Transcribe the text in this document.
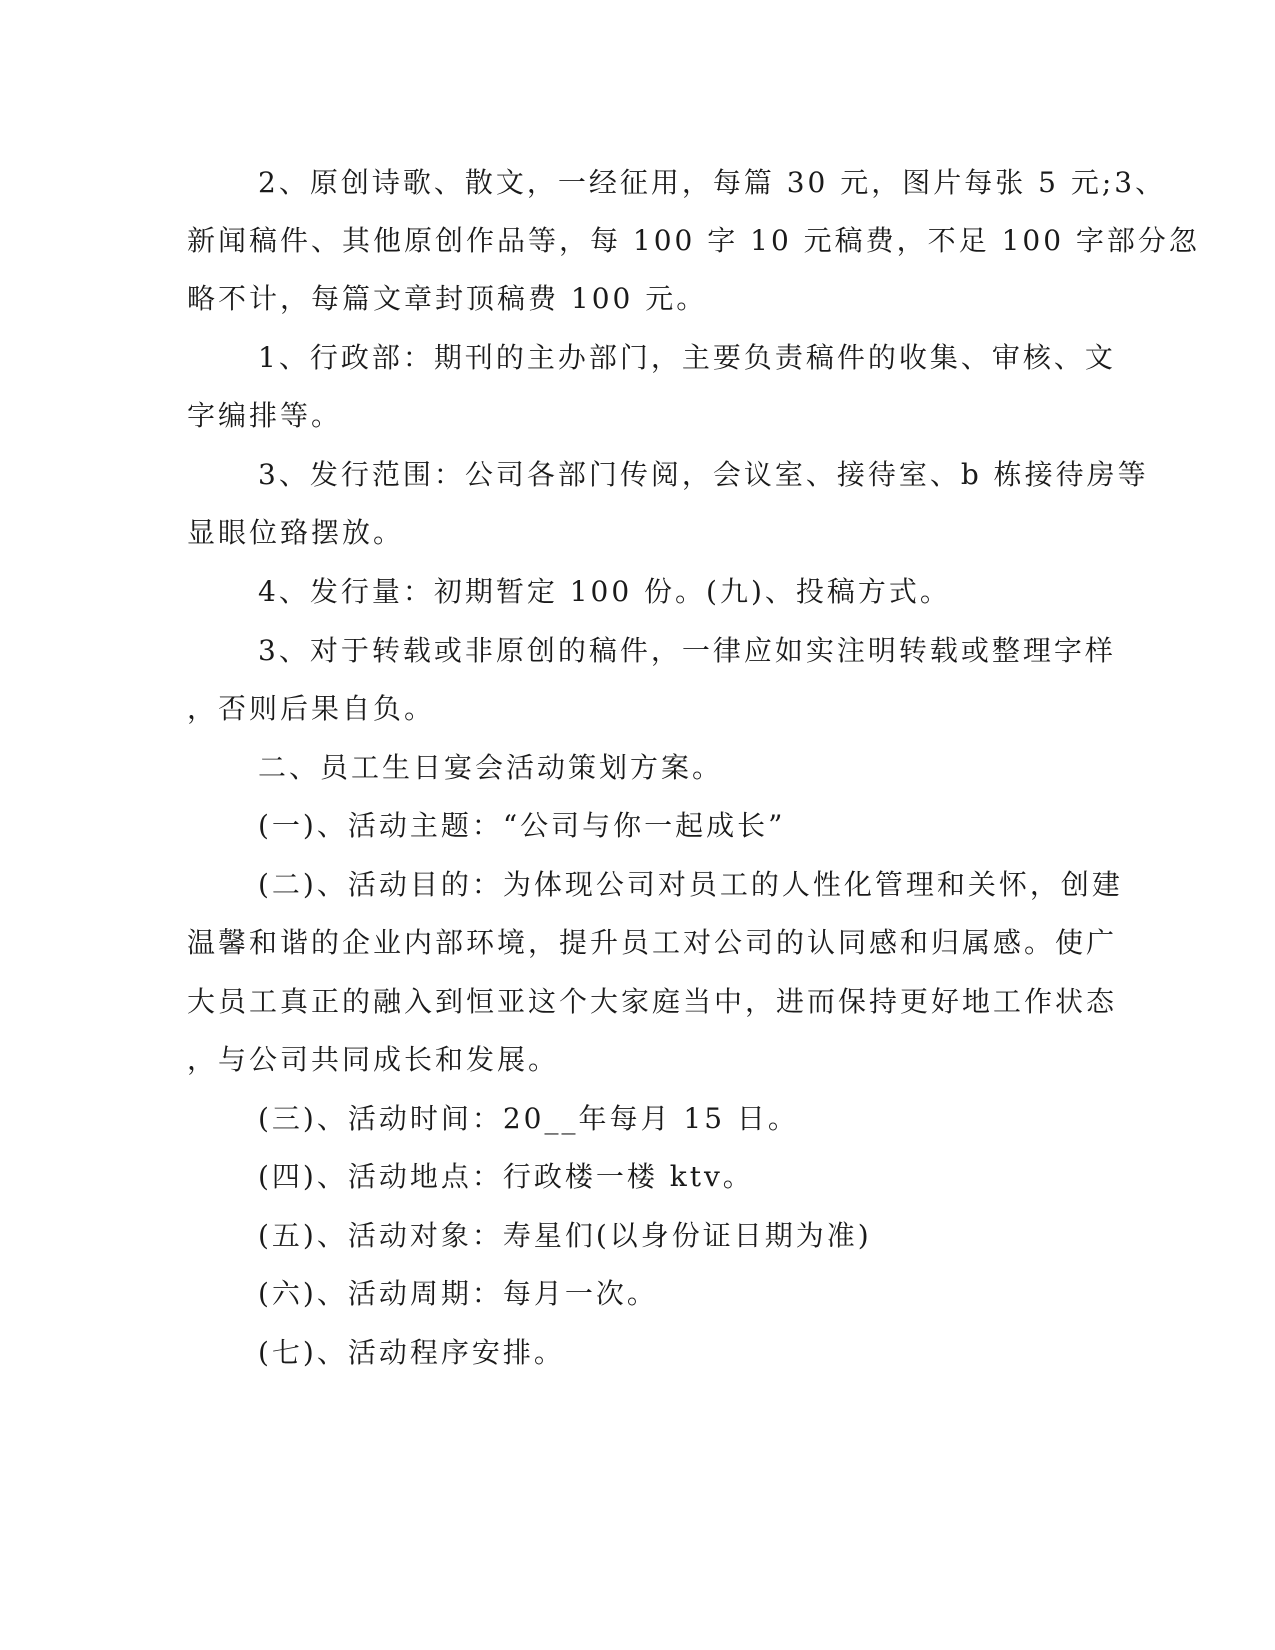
2、原创诗歌、散文，一经征用，每篇 30 元，图片每张 5 元;3、
新闻稿件、其他原创作品等，每 100 字 10 元稿费，不足 100 字部分忽
略不计，每篇文章封顶稿费 100 元。
1、行政部：期刊的主办部门，主要负责稿件的收集、审核、文
字编排等。
3、发行范围：公司各部门传阅，会议室、接待室、b 栋接待房等
显眼位臵摆放。
4、发行量：初期暂定 100 份。(九)、投稿方式。
3、对于转载或非原创的稿件，一律应如实注明转载或整理字样
，否则后果自负。
二、员工生日宴会活动策划方案。
(一)、活动主题：“公司与你一起成长”
(二)、活动目的：为体现公司对员工的人性化管理和关怀，创建
温馨和谐的企业内部环境，提升员工对公司的认同感和归属感。使广
大员工真正的融入到恒亚这个大家庭当中，进而保持更好地工作状态
，与公司共同成长和发展。
(三)、活动时间：20__年每月 15 日。
(四)、活动地点：行政楼一楼 ktv。
(五)、活动对象：寿星们(以身份证日期为准)
(六)、活动周期：每月一次。
(七)、活动程序安排。
